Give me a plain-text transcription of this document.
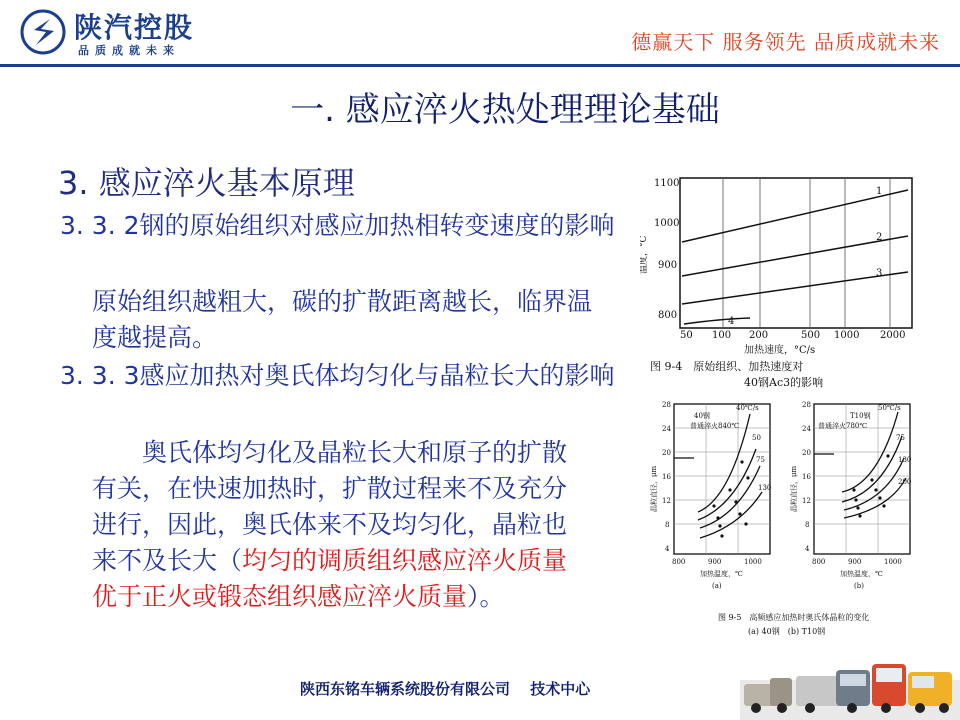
陕汽控股
品质成就未来	德赢天下 服务领先 品质成就未来
一. 感应淬火热处理理论基础
3. 感应淬火基本原理
3. 3. 2钢的原始组织对感应加热相转变速度的影响
原始组织越粗大，碳的扩散距离越长，临界温度越提高。
3. 3. 3感应加热对奥氏体均匀化与晶粒长大的影响
　　奥氏体均匀化及晶粒长大和原子的扩散有关，在快速加热时，扩散过程来不及充分进行，因此，奥氏体来不及均匀化，晶粒也来不及长大（均匀的调质组织感应淬火质量优于正火或锻态组织感应淬火质量）。
1100
1000
900
800
温度，°C
50 100 200	500 1000 2000
1
2
3
4
加热速度，°C/s
图 9-4　原始组织、加热速度对
40钢Ac3的影响
28
24
20
16
12
8
4
晶粒直径，μm
40钢
普通淬火840℃
40℃/s
50
75
130
800	900	1000
加热温度，℃
(a)
28
24
20
16
12
8
4
晶粒直径，μm
T10钢
普通淬火780℃
50℃/s
75
130
200
800	900	1000
加热温度，℃
(b)
图 9-5　高频感应加热时奥氏体晶粒的变化
(a) 40钢　(b) T10钢
陕西东铭车辆系统股份有限公司　 技术中心
